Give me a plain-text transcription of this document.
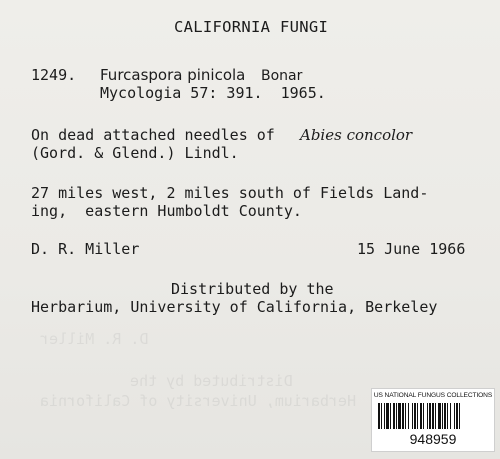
D. R. Miller
Distributed by the
Herbarium, University of California
CALIFORNIA FUNGI
1249. Furcaspora pinicola Bonar
Mycologia 57: 391.  1965.
On dead attached needles of Abies concolor
(Gord. & Glend.) Lindl.
27 miles west, 2 miles south of Fields Land-
ing,  eastern Humboldt County.
D. R. Miller	15 June 1966
Distributed by the
Herbarium, University of California, Berkeley
US NATIONAL FUNGUS COLLECTIONS
948959
